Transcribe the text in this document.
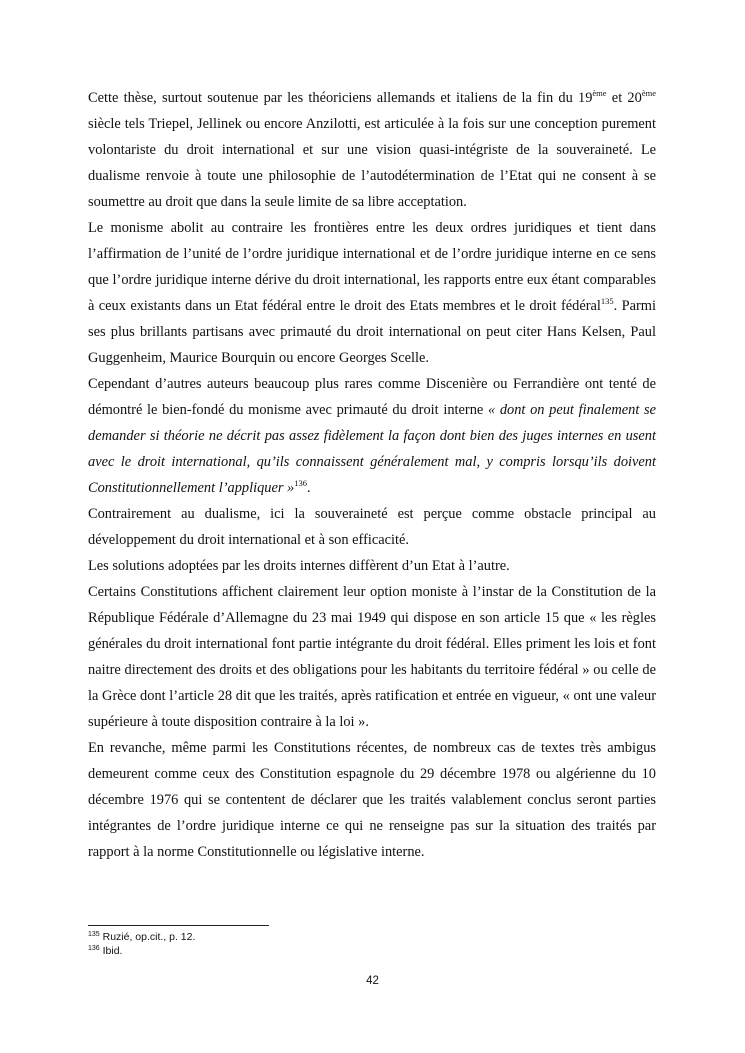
Cette thèse, surtout soutenue par les théoriciens allemands et italiens de la fin du 19ème et 20ème siècle tels Triepel, Jellinek ou encore Anzilotti, est articulée à la fois sur une conception purement volontariste du droit international et sur une vision quasi-intégriste de la souveraineté. Le dualisme renvoie à toute une philosophie de l’autodétermination de l’Etat qui ne consent à se soumettre au droit que dans la seule limite de sa libre acceptation.

Le monisme abolit au contraire les frontières entre les deux ordres juridiques et tient dans l’affirmation de l’unité de l’ordre juridique international et de l’ordre juridique interne en ce sens que l’ordre juridique interne dérive du droit international, les rapports entre eux étant comparables à ceux existants dans un Etat fédéral entre le droit des Etats membres et le droit fédéral$^{135}$. Parmi ses plus brillants partisans avec primauté du droit international on peut citer Hans Kelsen, Paul Guggenheim, Maurice Bourquin ou encore Georges Scelle.

Cependant d’autres auteurs beaucoup plus rares comme Discenière ou Ferrandière ont tenté de démontré le bien-fondé du monisme avec primauté du droit interne « dont on peut finalement se demander si théorie ne décrit pas assez fidèlement la façon dont bien des juges internes en usent avec le droit international, qu’ils connaissent généralement mal, y compris lorsqu’ils doivent Constitutionnellement l’appliquer »$^{136}$.

Contrairement au dualisme, ici la souveraineté est perçue comme obstacle principal au développement du droit international et à son efficacité.

Les solutions adoptées par les droits internes diffèrent d’un Etat à l’autre.

Certains Constitutions affichent clairement leur option moniste à l’instar de la Constitution de la République Fédérale d’Allemagne du 23 mai 1949 qui dispose en son article 15 que « les règles générales du droit international font partie intégrante du droit fédéral. Elles priment les lois et font naitre directement des droits et des obligations pour les habitants du territoire fédéral » ou celle de la Grèce dont l’article 28 dit que les traités, après ratification et entrée en vigueur, « ont une valeur supérieure à toute disposition contraire à la loi ».

En revanche, même parmi les Constitutions récentes, de nombreux cas de textes très ambigus demeurent comme ceux des Constitution espagnole du 29 décembre 1978 ou algérienne du 10 décembre 1976 qui se contentent de déclarer que les traités valablement conclus seront parties intégrantes de l’ordre juridique interne ce qui ne renseigne pas sur la situation des traités par rapport à la norme Constitutionnelle ou législative interne.

$^{135}$ Ruzié, op.cit., p. 12.
$^{136}$ Ibid.
42
